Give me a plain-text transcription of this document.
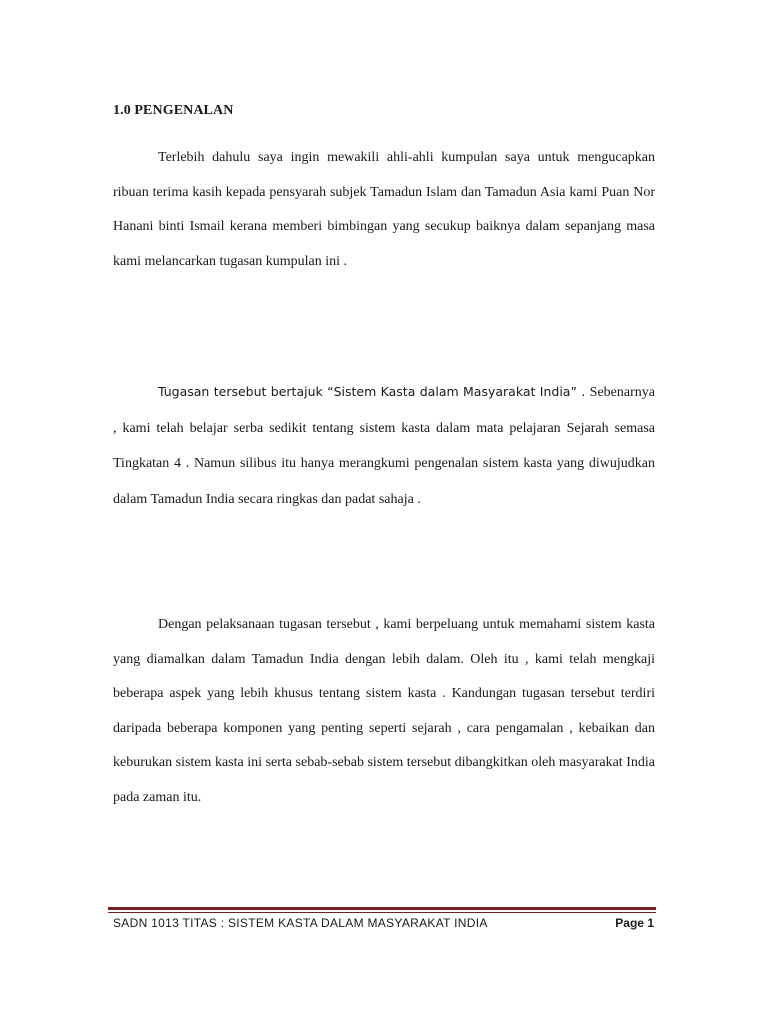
1.0 PENGENALAN

Terlebih dahulu saya ingin mewakili ahli-ahli kumpulan saya untuk mengucapkan ribuan terima kasih kepada pensyarah subjek Tamadun Islam dan Tamadun Asia kami Puan Nor Hanani binti Ismail kerana memberi bimbingan yang secukup baiknya dalam sepanjang masa kami melancarkan tugasan kumpulan ini .

Tugasan tersebut bertajuk “Sistem Kasta dalam Masyarakat India” . Sebenarnya , kami telah belajar serba sedikit tentang sistem kasta dalam mata pelajaran Sejarah semasa Tingkatan 4 . Namun silibus itu hanya merangkumi pengenalan sistem kasta yang diwujudkan dalam Tamadun India secara ringkas dan padat sahaja .

Dengan pelaksanaan tugasan tersebut , kami berpeluang untuk memahami sistem kasta yang diamalkan dalam Tamadun India dengan lebih dalam. Oleh itu , kami telah mengkaji beberapa aspek yang lebih khusus tentang sistem kasta . Kandungan tugasan tersebut terdiri daripada beberapa komponen yang penting seperti sejarah , cara pengamalan , kebaikan dan keburukan sistem kasta ini serta sebab-sebab sistem tersebut dibangkitkan oleh masyarakat India pada zaman itu.

SADN 1013 TITAS : SISTEM KASTA DALAM MASYARAKAT INDIA	Page 1
